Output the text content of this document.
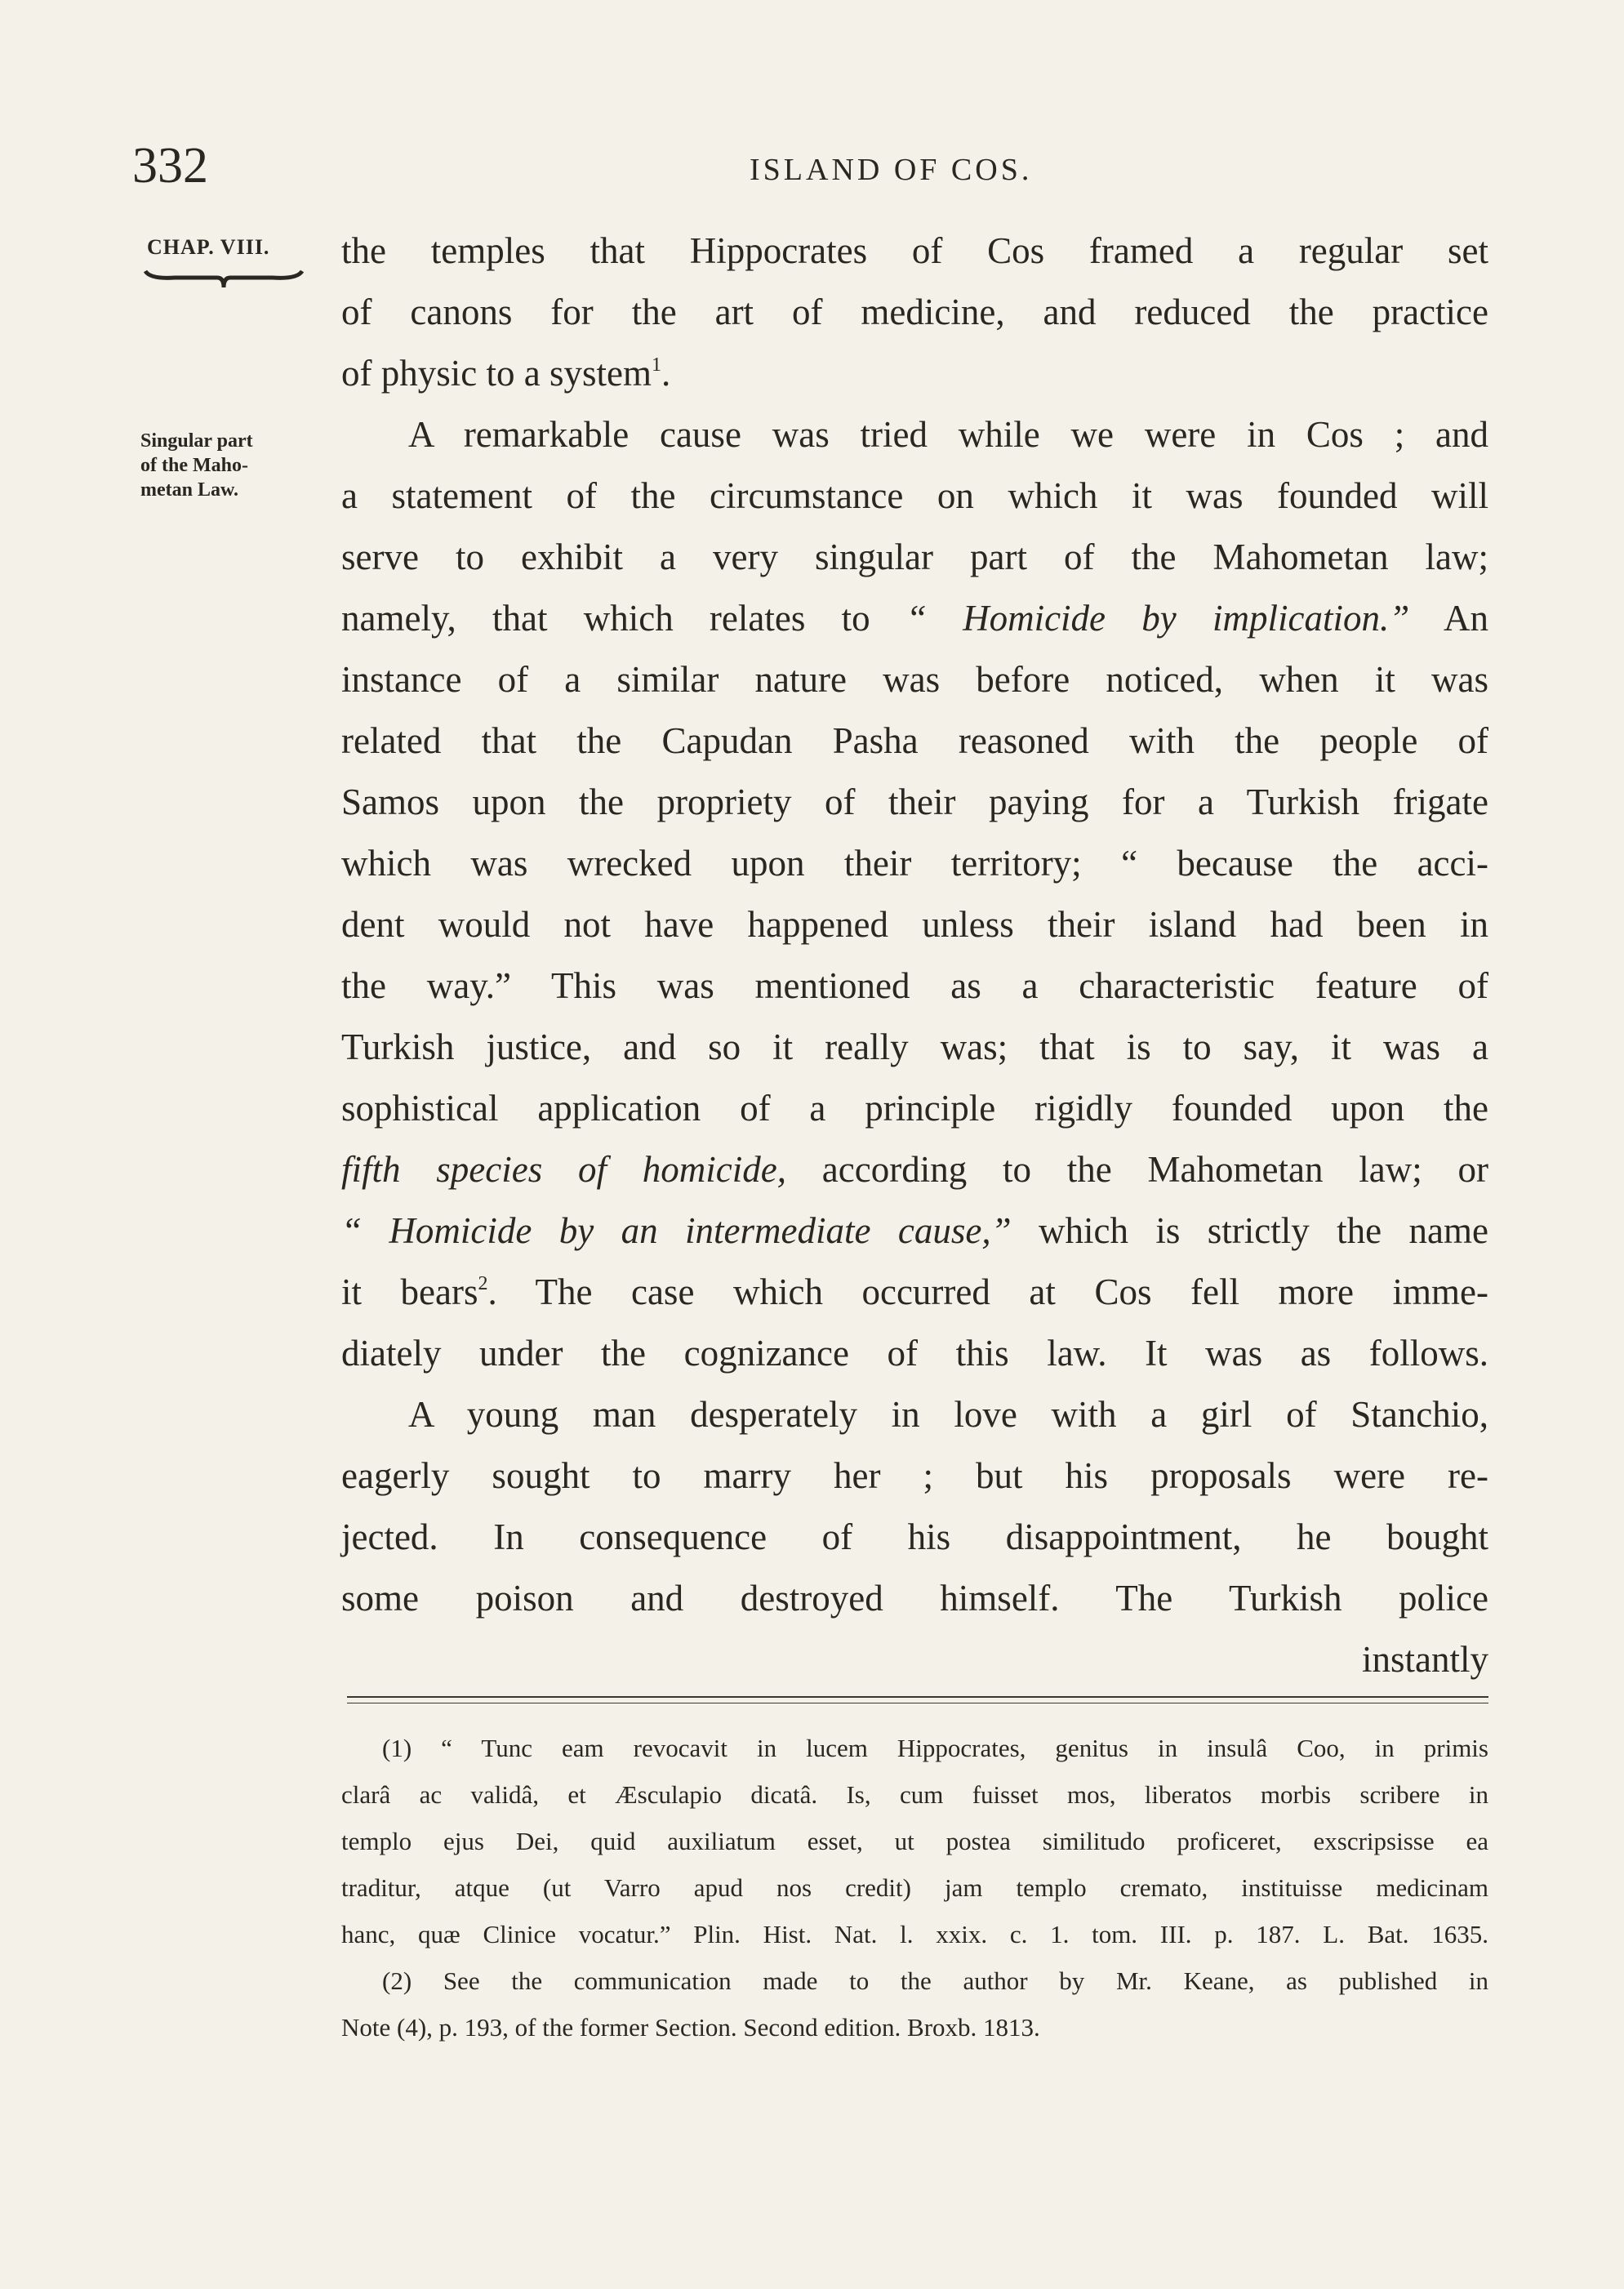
332	ISLAND OF COS.
CHAP. VIII.
Singular part
of the Maho-
metan Law.
the temples that Hippocrates of Cos framed a regular set
of canons for the art of medicine, and reduced the practice
of physic to a system$^1$.
A remarkable cause was tried while we were in Cos ; and
a statement of the circumstance on which it was founded will
serve to exhibit a very singular part of the Mahometan law;
namely, that which relates to “ Homicide by implication.” An
instance of a similar nature was before noticed, when it was
related that the Capudan Pasha reasoned with the people of
Samos upon the propriety of their paying for a Turkish frigate
which was wrecked upon their territory; “ because the acci-
dent would not have happened unless their island had been in
the way.” This was mentioned as a characteristic feature of
Turkish justice, and so it really was; that is to say, it was a
sophistical application of a principle rigidly founded upon the
fifth species of homicide, according to the Mahometan law; or
“ Homicide by an intermediate cause,” which is strictly the name
it bears$^2$. The case which occurred at Cos fell more imme-
diately under the cognizance of this law. It was as follows.
A young man desperately in love with a girl of Stanchio,
eagerly sought to marry her ; but his proposals were re-
jected. In consequence of his disappointment, he bought
some poison and destroyed himself. The Turkish police
instantly
(1) “ Tunc eam revocavit in lucem Hippocrates, genitus in insulâ Coo, in primis
clarâ ac validâ, et Æsculapio dicatâ. Is, cum fuisset mos, liberatos morbis scribere in
templo ejus Dei, quid auxiliatum esset, ut postea similitudo proficeret, exscripsisse ea
traditur, atque (ut Varro apud nos credit) jam templo cremato, instituisse medicinam
hanc, quæ Clinice vocatur.” Plin. Hist. Nat. l. xxix. c. 1. tom. III. p. 187. L. Bat. 1635.
(2) See the communication made to the author by Mr. Keane, as published in
Note (4), p. 193, of the former Section. Second edition. Broxb. 1813.
